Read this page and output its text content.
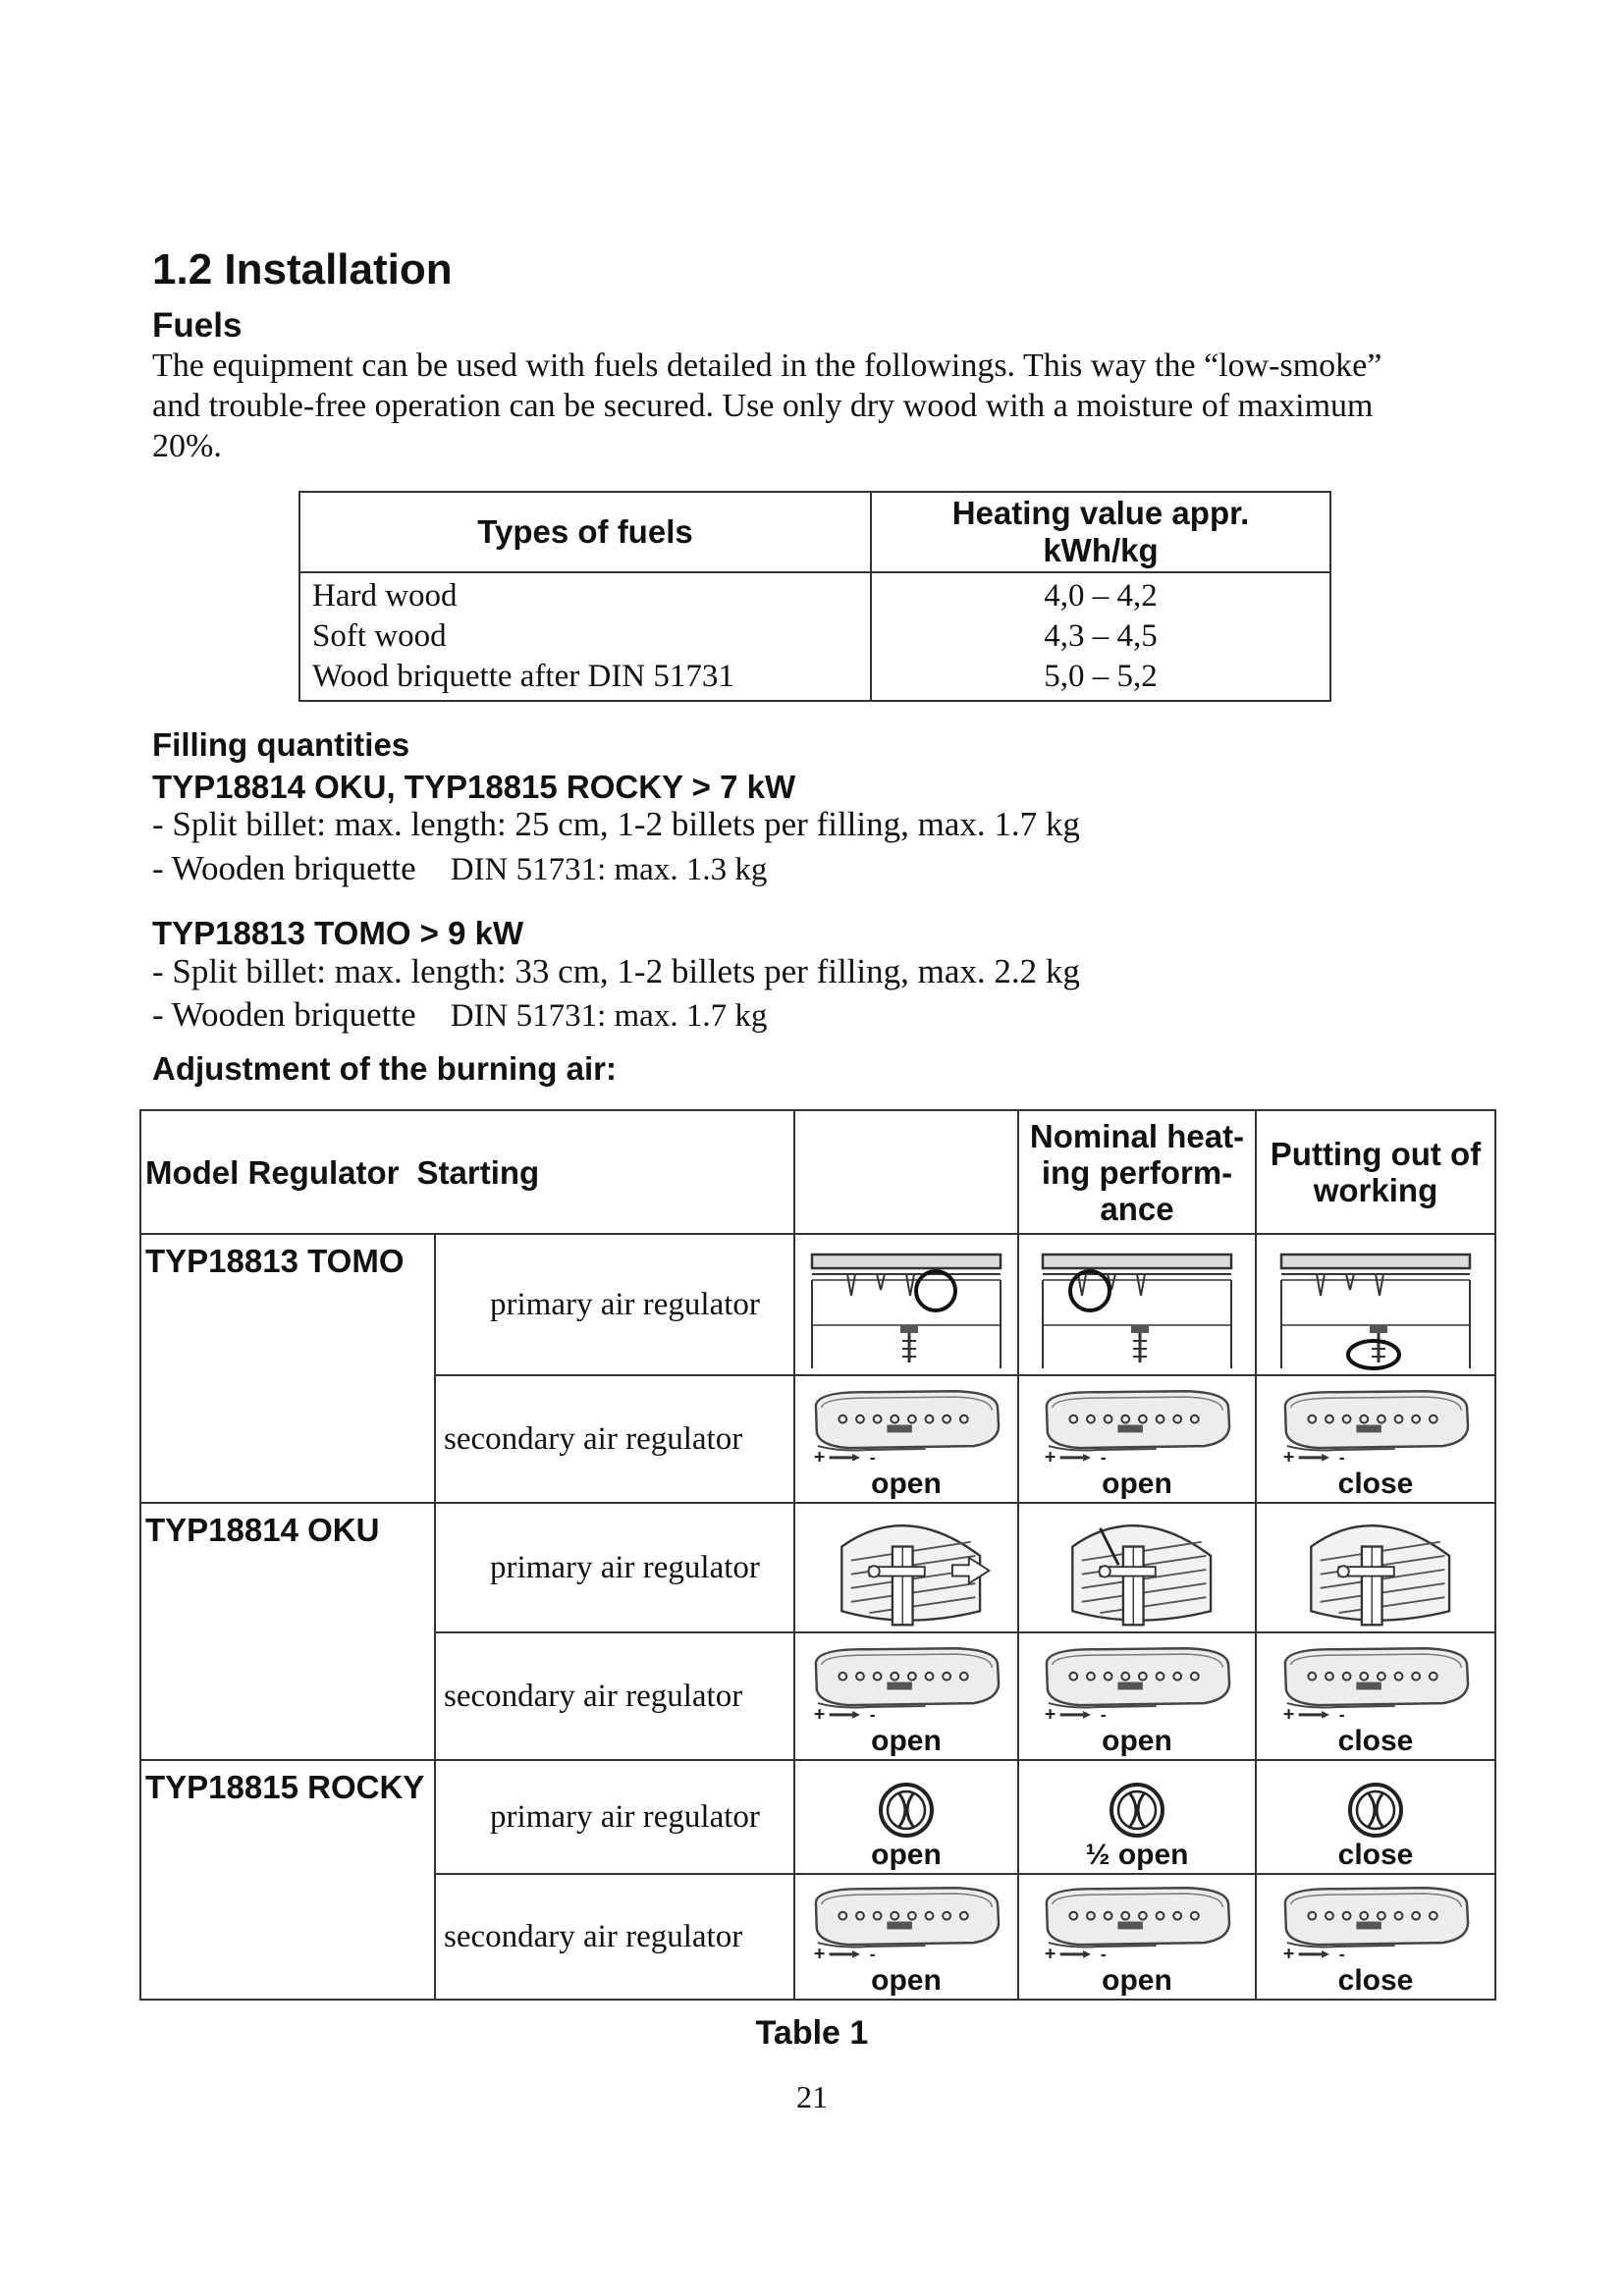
1.2 Installation
Fuels
The equipment can be used with fuels detailed in the followings. This way the “low-smoke” and trouble-free operation can be secured. Use only dry wood with a moisture of maximum 20%.
Types of fuels	Heating value appr. kWh/kg
Hard wood	4,0 – 4,2
Soft wood	4,3 – 4,5
Wood briquette after DIN 51731	5,0 – 5,2
Filling quantities
TYP18814 OKU, TYP18815 ROCKY > 7 kW
- Split billet: max. length: 25 cm, 1-2 billets per filling, max. 1.7 kg
- Wooden briquette DIN 51731: max. 1.3 kg
TYP18813 TOMO > 9 kW
- Split billet: max. length: 33 cm, 1-2 billets per filling, max. 2.2 kg
- Wooden briquette DIN 51731: max. 1.7 kg
Adjustment of the burning air:
Model Regulator Starting			Nominal heat-ing perform-ance	Putting out of working
TYP18813 TOMO	primary air regulator	

	secondary air regulator	open	open	close

TYP18814 OKU	primary air regulator	

	secondary air regulator	open	open	close

TYP18815 ROCKY	primary air regulator	open	½ open	close

	secondary air regulator	open	open	close
Table 1
21
